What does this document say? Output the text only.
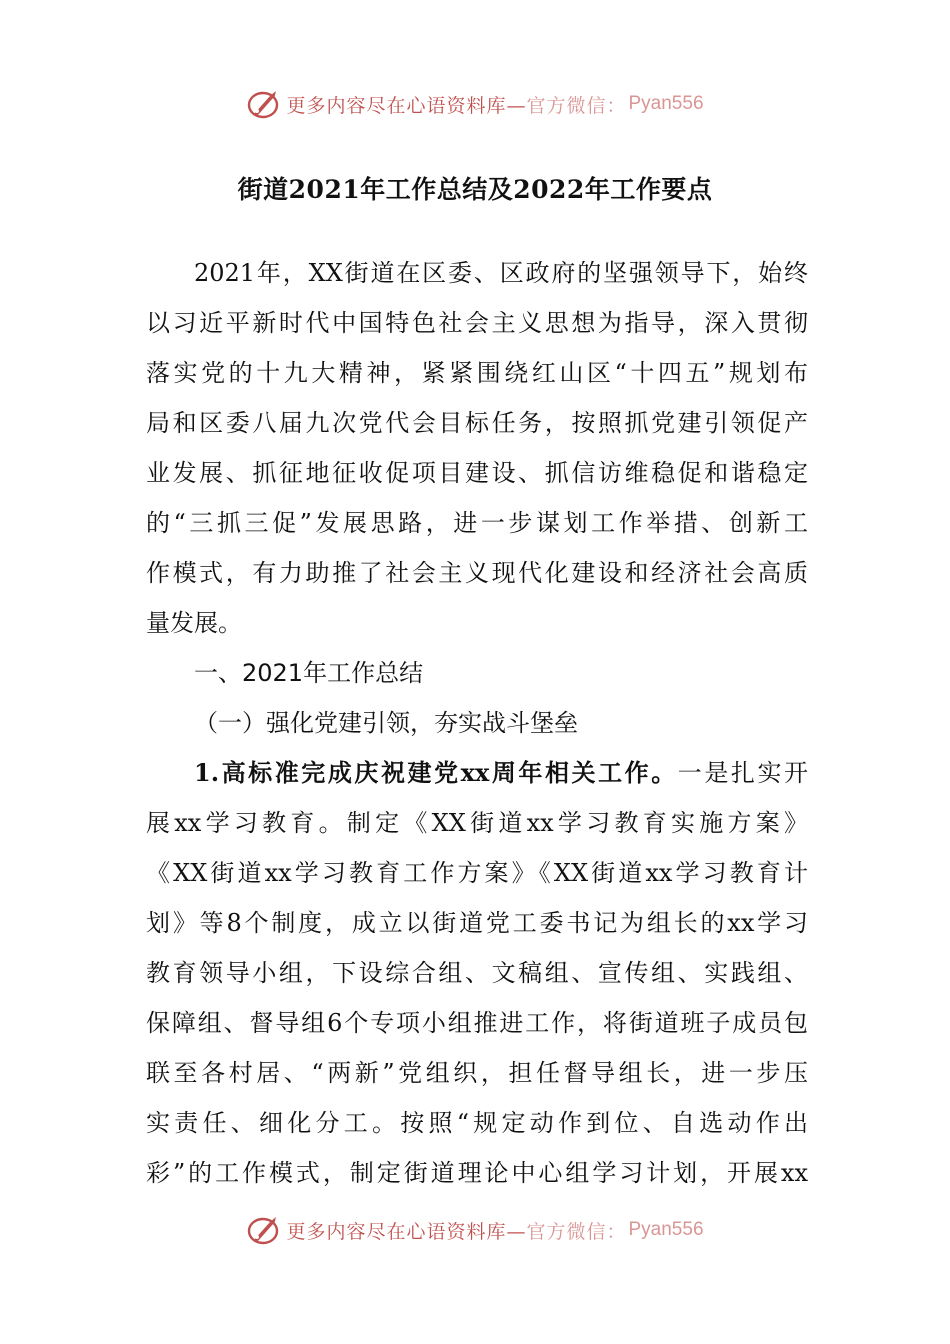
更多内容尽在心语资料库—官方微信： Pyan556
街道2021年工作总结及2022年工作要点
2021年，XX街道在区委、区政府的坚强领导下，始终
以习近平新时代中国特色社会主义思想为指导，深入贯彻
落实党的十九大精神，紧紧围绕红山区“十四五”规划布
局和区委八届九次党代会目标任务，按照抓党建引领促产
业发展、抓征地征收促项目建设、抓信访维稳促和谐稳定
的“三抓三促”发展思路，进一步谋划工作举措、创新工
作模式，有力助推了社会主义现代化建设和经济社会高质
量发展。
一、2021年工作总结
（一）强化党建引领，夯实战斗堡垒
1.高标准完成庆祝建党xx周年相关工作。一是扎实开
展xx学习教育。制定《XX街道xx学习教育实施方案》
《XX街道xx学习教育工作方案》《XX街道xx学习教育计
划》等8个制度，成立以街道党工委书记为组长的xx学习
教育领导小组，下设综合组、文稿组、宣传组、实践组、
保障组、督导组6个专项小组推进工作，将街道班子成员包
联至各村居、“两新”党组织，担任督导组长，进一步压
实责任、细化分工。按照“规定动作到位、自选动作出
彩”的工作模式，制定街道理论中心组学习计划，开展xx
更多内容尽在心语资料库—官方微信： Pyan556
